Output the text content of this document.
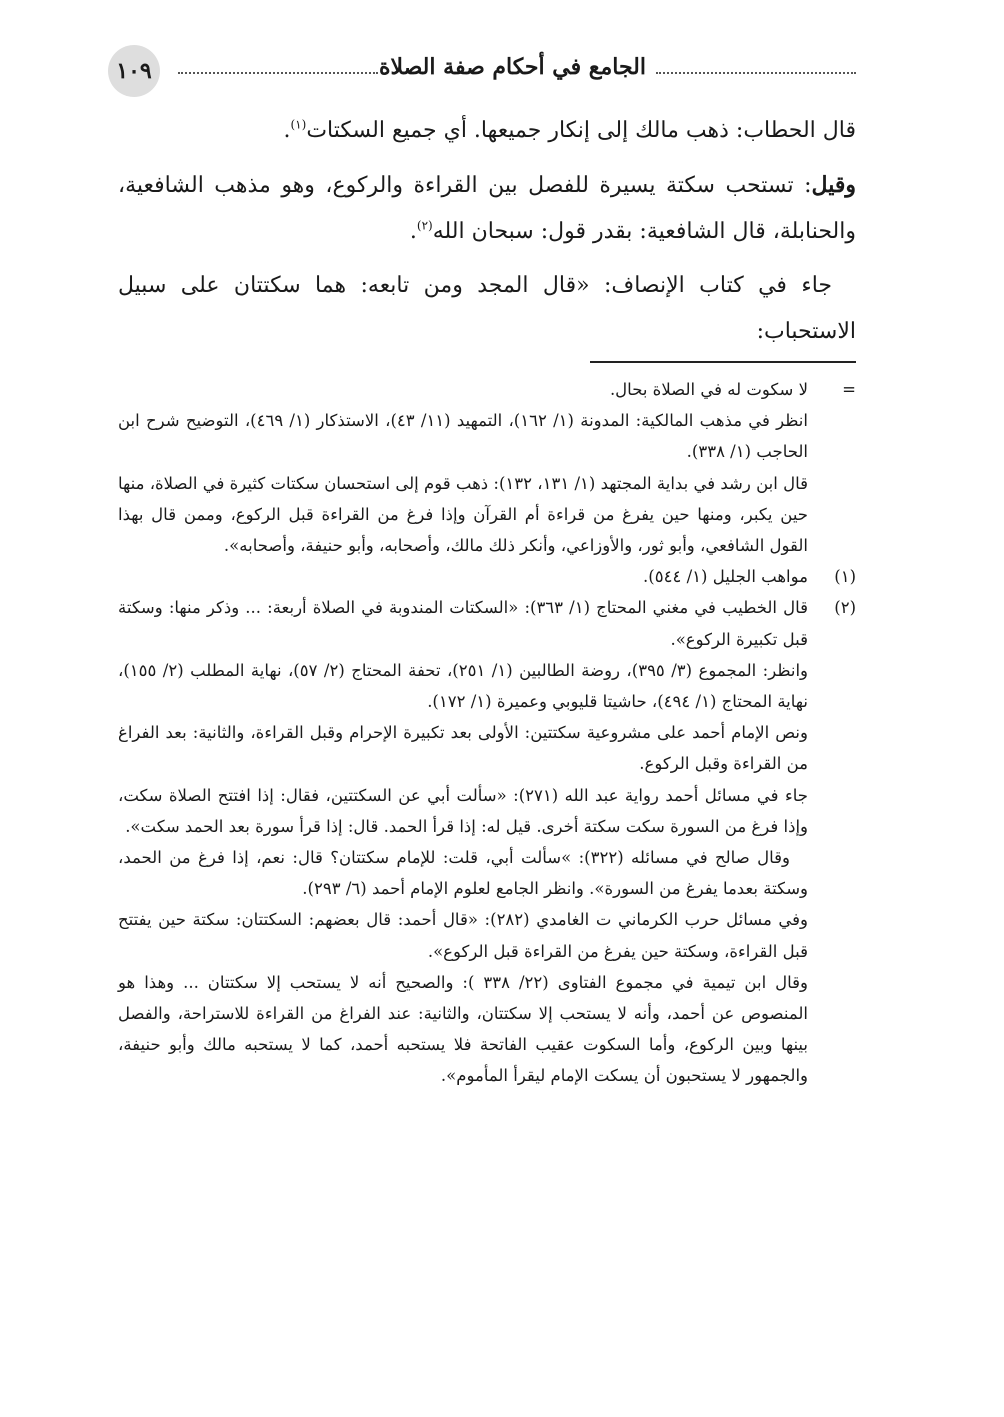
١٠٩	الجامع في أحكام صفة الصلاة

قال الحطاب: ذهب مالك إلى إنكار جميعها. أي جميع السكتات$^{(١)}$.

وقيل: تستحب سكتة يسيرة للفصل بين القراءة والركوع، وهو مذهب الشافعية، والحنابلة، قال الشافعية: بقدر قول: سبحان الله$^{(٢)}$.

جاء في كتاب الإنصاف: «قال المجد ومن تابعه: هما سكتتان على سبيل الاستحباب:

=
لا سكوت له في الصلاة بحال.

انظر في مذهب المالكية: المدونة (١/ ١٦٢)، التمهيد (١١/ ٤٣)، الاستذكار (١/ ٤٦٩)، التوضيح شرح ابن الحاجب (١/ ٣٣٨).

قال ابن رشد في بداية المجتهد (١/ ١٣١، ١٣٢): ذهب قوم إلى استحسان سكتات كثيرة في الصلاة، منها حين يكبر، ومنها حين يفرغ من قراءة أم القرآن وإذا فرغ من القراءة قبل الركوع، وممن قال بهذا القول الشافعي، وأبو ثور، والأوزاعي، وأنكر ذلك مالك، وأصحابه، وأبو حنيفة، وأصحابه».

(١)
مواهب الجليل (١/ ٥٤٤).

(٢)
قال الخطيب في مغني المحتاج (١/ ٣٦٣): «السكتات المندوبة في الصلاة أربعة: ... وذكر منها: وسكتة قبل تكبيرة الركوع».

وانظر: المجموع (٣/ ٣٩٥)، روضة الطالبين (١/ ٢٥١)، تحفة المحتاج (٢/ ٥٧)، نهاية المطلب (٢/ ١٥٥)، نهاية المحتاج (١/ ٤٩٤)، حاشيتا قليوبي وعميرة (١/ ١٧٢).

ونص الإمام أحمد على مشروعية سكتتين: الأولى بعد تكبيرة الإحرام وقبل القراءة، والثانية: بعد الفراغ من القراءة وقبل الركوع.

جاء في مسائل أحمد رواية عبد الله (٢٧١): «سألت أبي عن السكتتين، فقال: إذا افتتح الصلاة سكت، وإذا فرغ من السورة سكت سكتة أخرى. قيل له: إذا قرأ الحمد. قال: إذا قرأ سورة بعد الحمد سكت».

وقال صالح في مسائله (٣٢٢): »سألت أبي، قلت: للإمام سكتتان؟ قال: نعم، إذا فرغ من الحمد، وسكتة بعدما يفرغ من السورة». وانظر الجامع لعلوم الإمام أحمد (٦/ ٢٩٣).

وفي مسائل حرب الكرماني ت الغامدي (٢٨٢): «قال أحمد: قال بعضهم: السكتتان: سكتة حين يفتتح قبل القراءة، وسكتة حين يفرغ من القراءة قبل الركوع».

وقال ابن تيمية في مجموع الفتاوى (٢٢/ ٣٣٨ ): والصحيح أنه لا يستحب إلا سكتتان ... وهذا هو المنصوص عن أحمد، وأنه لا يستحب إلا سكتتان، والثانية: عند الفراغ من القراءة للاستراحة، والفصل بينها وبين الركوع، وأما السكوت عقيب الفاتحة فلا يستحبه أحمد، كما لا يستحبه مالك وأبو حنيفة، والجمهور لا يستحبون أن يسكت الإمام ليقرأ المأموم».
